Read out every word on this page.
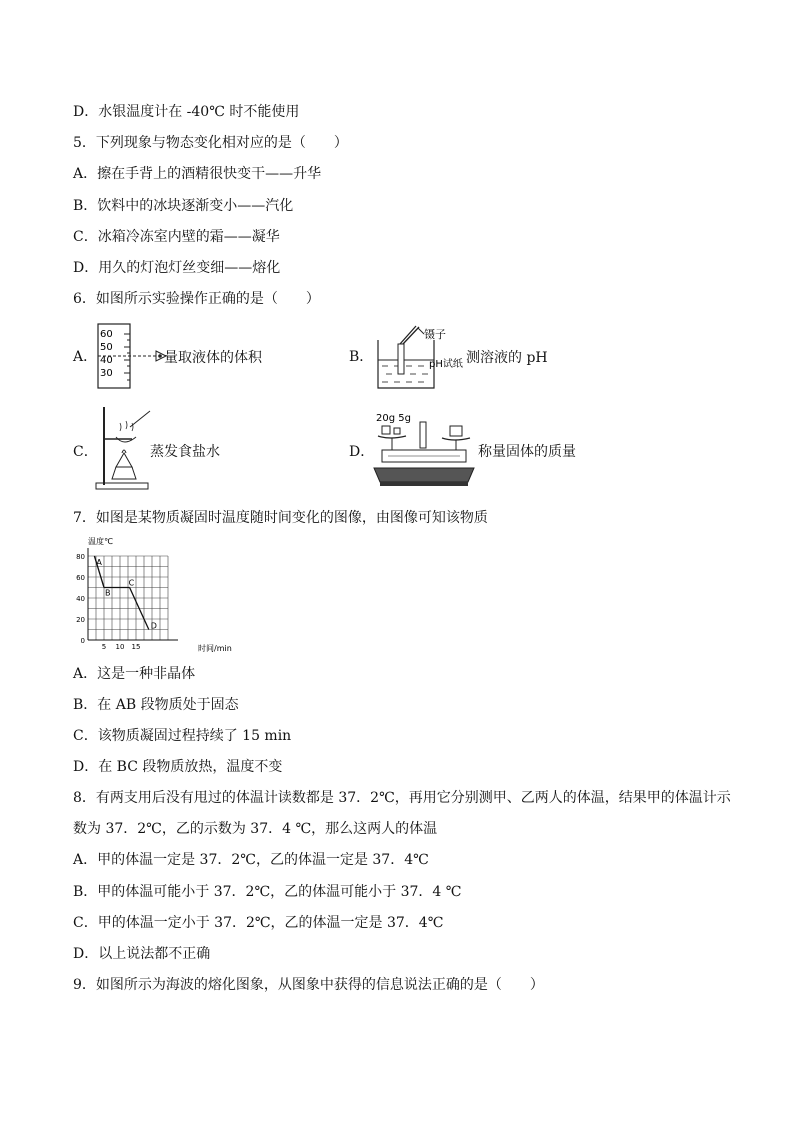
D．水银温度计在 -40℃ 时不能使用
5．下列现象与物态变化相对应的是（　　）
A．擦在手背上的酒精很快变干——升华
B．饮料中的冰块逐渐变小——汽化
C．冰箱冷冻室内壁的霜——凝华
D．用久的灯泡灯丝变细——熔化
6．如图所示实验操作正确的是（　　）
A．
60
50
40
30
量取液体的体积	B．
镊子
pH试纸 测溶液的 pH
C．	蒸发食盐水	D．
20g 5g
称量固体的质量
7．如图是某物质凝固时温度随时间变化的图像，由图像可知该物质
0
20
40
60
80
5 10 15
A
B
C
D
温度℃
时间/min
A．这是一种非晶体
B．在 AB 段物质处于固态
C．该物质凝固过程持续了 15 min
D．在 BC 段物质放热，温度不变
8．有两支用后没有甩过的体温计读数都是 37．2℃，再用它分别测甲、乙两人的体温，结果甲的体温计示
数为 37．2℃，乙的示数为 37．4 ℃，那么这两人的体温
A．甲的体温一定是 37．2℃，乙的体温一定是 37．4℃
B．甲的体温可能小于 37．2℃，乙的体温可能小于 37．4 ℃
C．甲的体温一定小于 37．2℃，乙的体温一定是 37．4℃
D．以上说法都不正确
9．如图所示为海波的熔化图象，从图象中获得的信息说法正确的是（　　）
